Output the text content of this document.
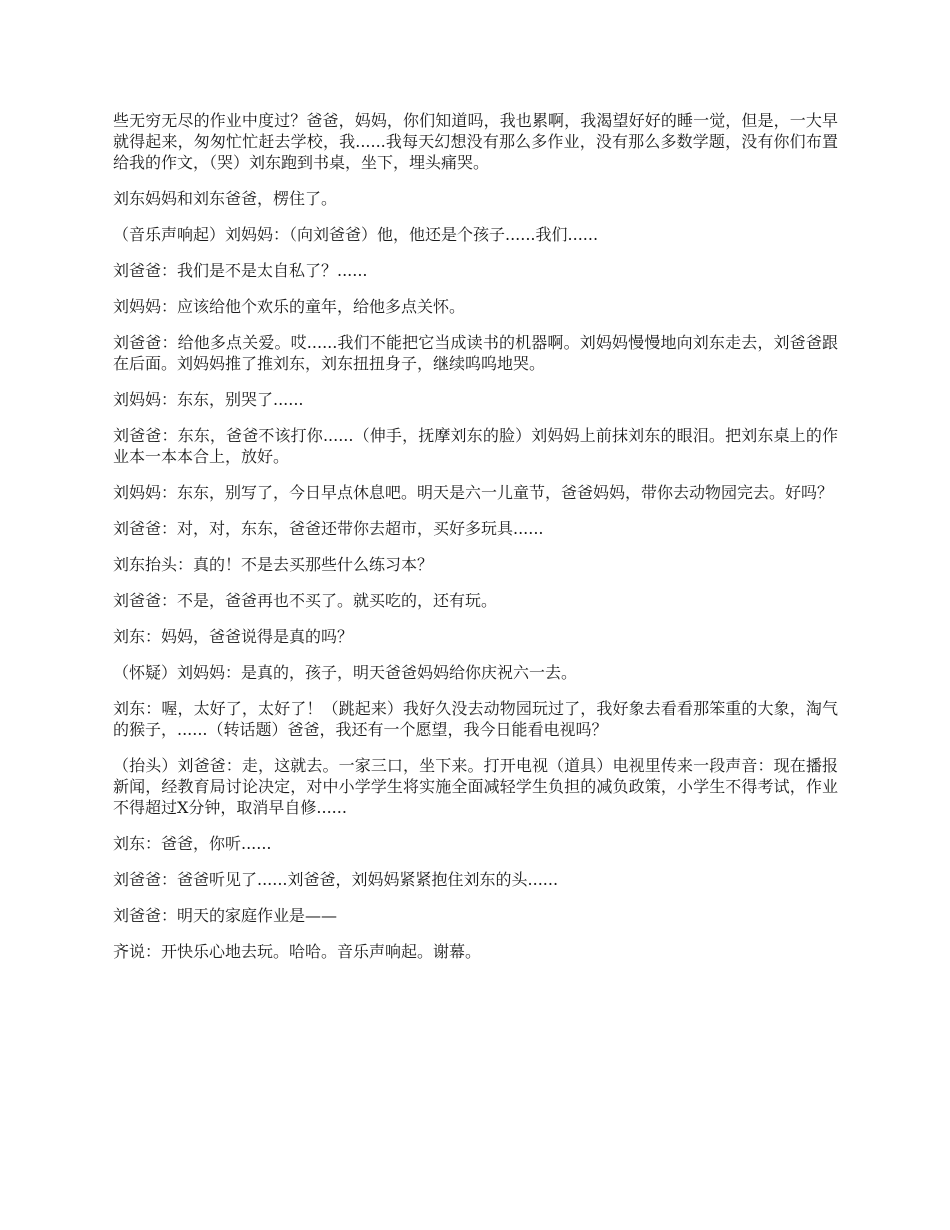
些无穷无尽的作业中度过？爸爸，妈妈，你们知道吗，我也累啊，我渴望好好的睡一觉，但是，一大早就得起来，匆匆忙忙赶去学校，我......我每天幻想没有那么多作业，没有那么多数学题，没有你们布置给我的作文，（哭）刘东跑到书桌，坐下，埋头痛哭。

刘东妈妈和刘东爸爸，楞住了。

（音乐声响起）刘妈妈：（向刘爸爸）他，他还是个孩子......我们......

刘爸爸：我们是不是太自私了？......

刘妈妈：应该给他个欢乐的童年，给他多点关怀。

刘爸爸：给他多点关爱。哎......我们不能把它当成读书的机器啊。刘妈妈慢慢地向刘东走去，刘爸爸跟在后面。刘妈妈推了推刘东，刘东扭扭身子，继续呜呜地哭。

刘妈妈：东东，别哭了......

刘爸爸：东东，爸爸不该打你......（伸手，抚摩刘东的脸）刘妈妈上前抹刘东的眼泪。把刘东桌上的作业本一本本合上，放好。

刘妈妈：东东，别写了，今日早点休息吧。明天是六一儿童节，爸爸妈妈，带你去动物园完去。好吗？

刘爸爸：对，对，东东，爸爸还带你去超市，买好多玩具......

刘东抬头：真的！不是去买那些什么练习本？

刘爸爸：不是，爸爸再也不买了。就买吃的，还有玩。

刘东：妈妈，爸爸说得是真的吗？

（怀疑）刘妈妈：是真的，孩子，明天爸爸妈妈给你庆祝六一去。

刘东：喔，太好了，太好了！（跳起来）我好久没去动物园玩过了，我好象去看看那笨重的大象，淘气的猴子，......（转话题）爸爸，我还有一个愿望，我今日能看电视吗？

（抬头）刘爸爸：走，这就去。一家三口，坐下来。打开电视（道具）电视里传来一段声音：现在播报新闻，经教育局讨论决定，对中小学学生将实施全面减轻学生负担的减负政策，小学生不得考试，作业不得超过X分钟，取消早自修......

刘东：爸爸，你听......

刘爸爸：爸爸听见了......刘爸爸，刘妈妈紧紧抱住刘东的头......

刘爸爸：明天的家庭作业是——

齐说：开快乐心地去玩。哈哈。音乐声响起。谢幕。
